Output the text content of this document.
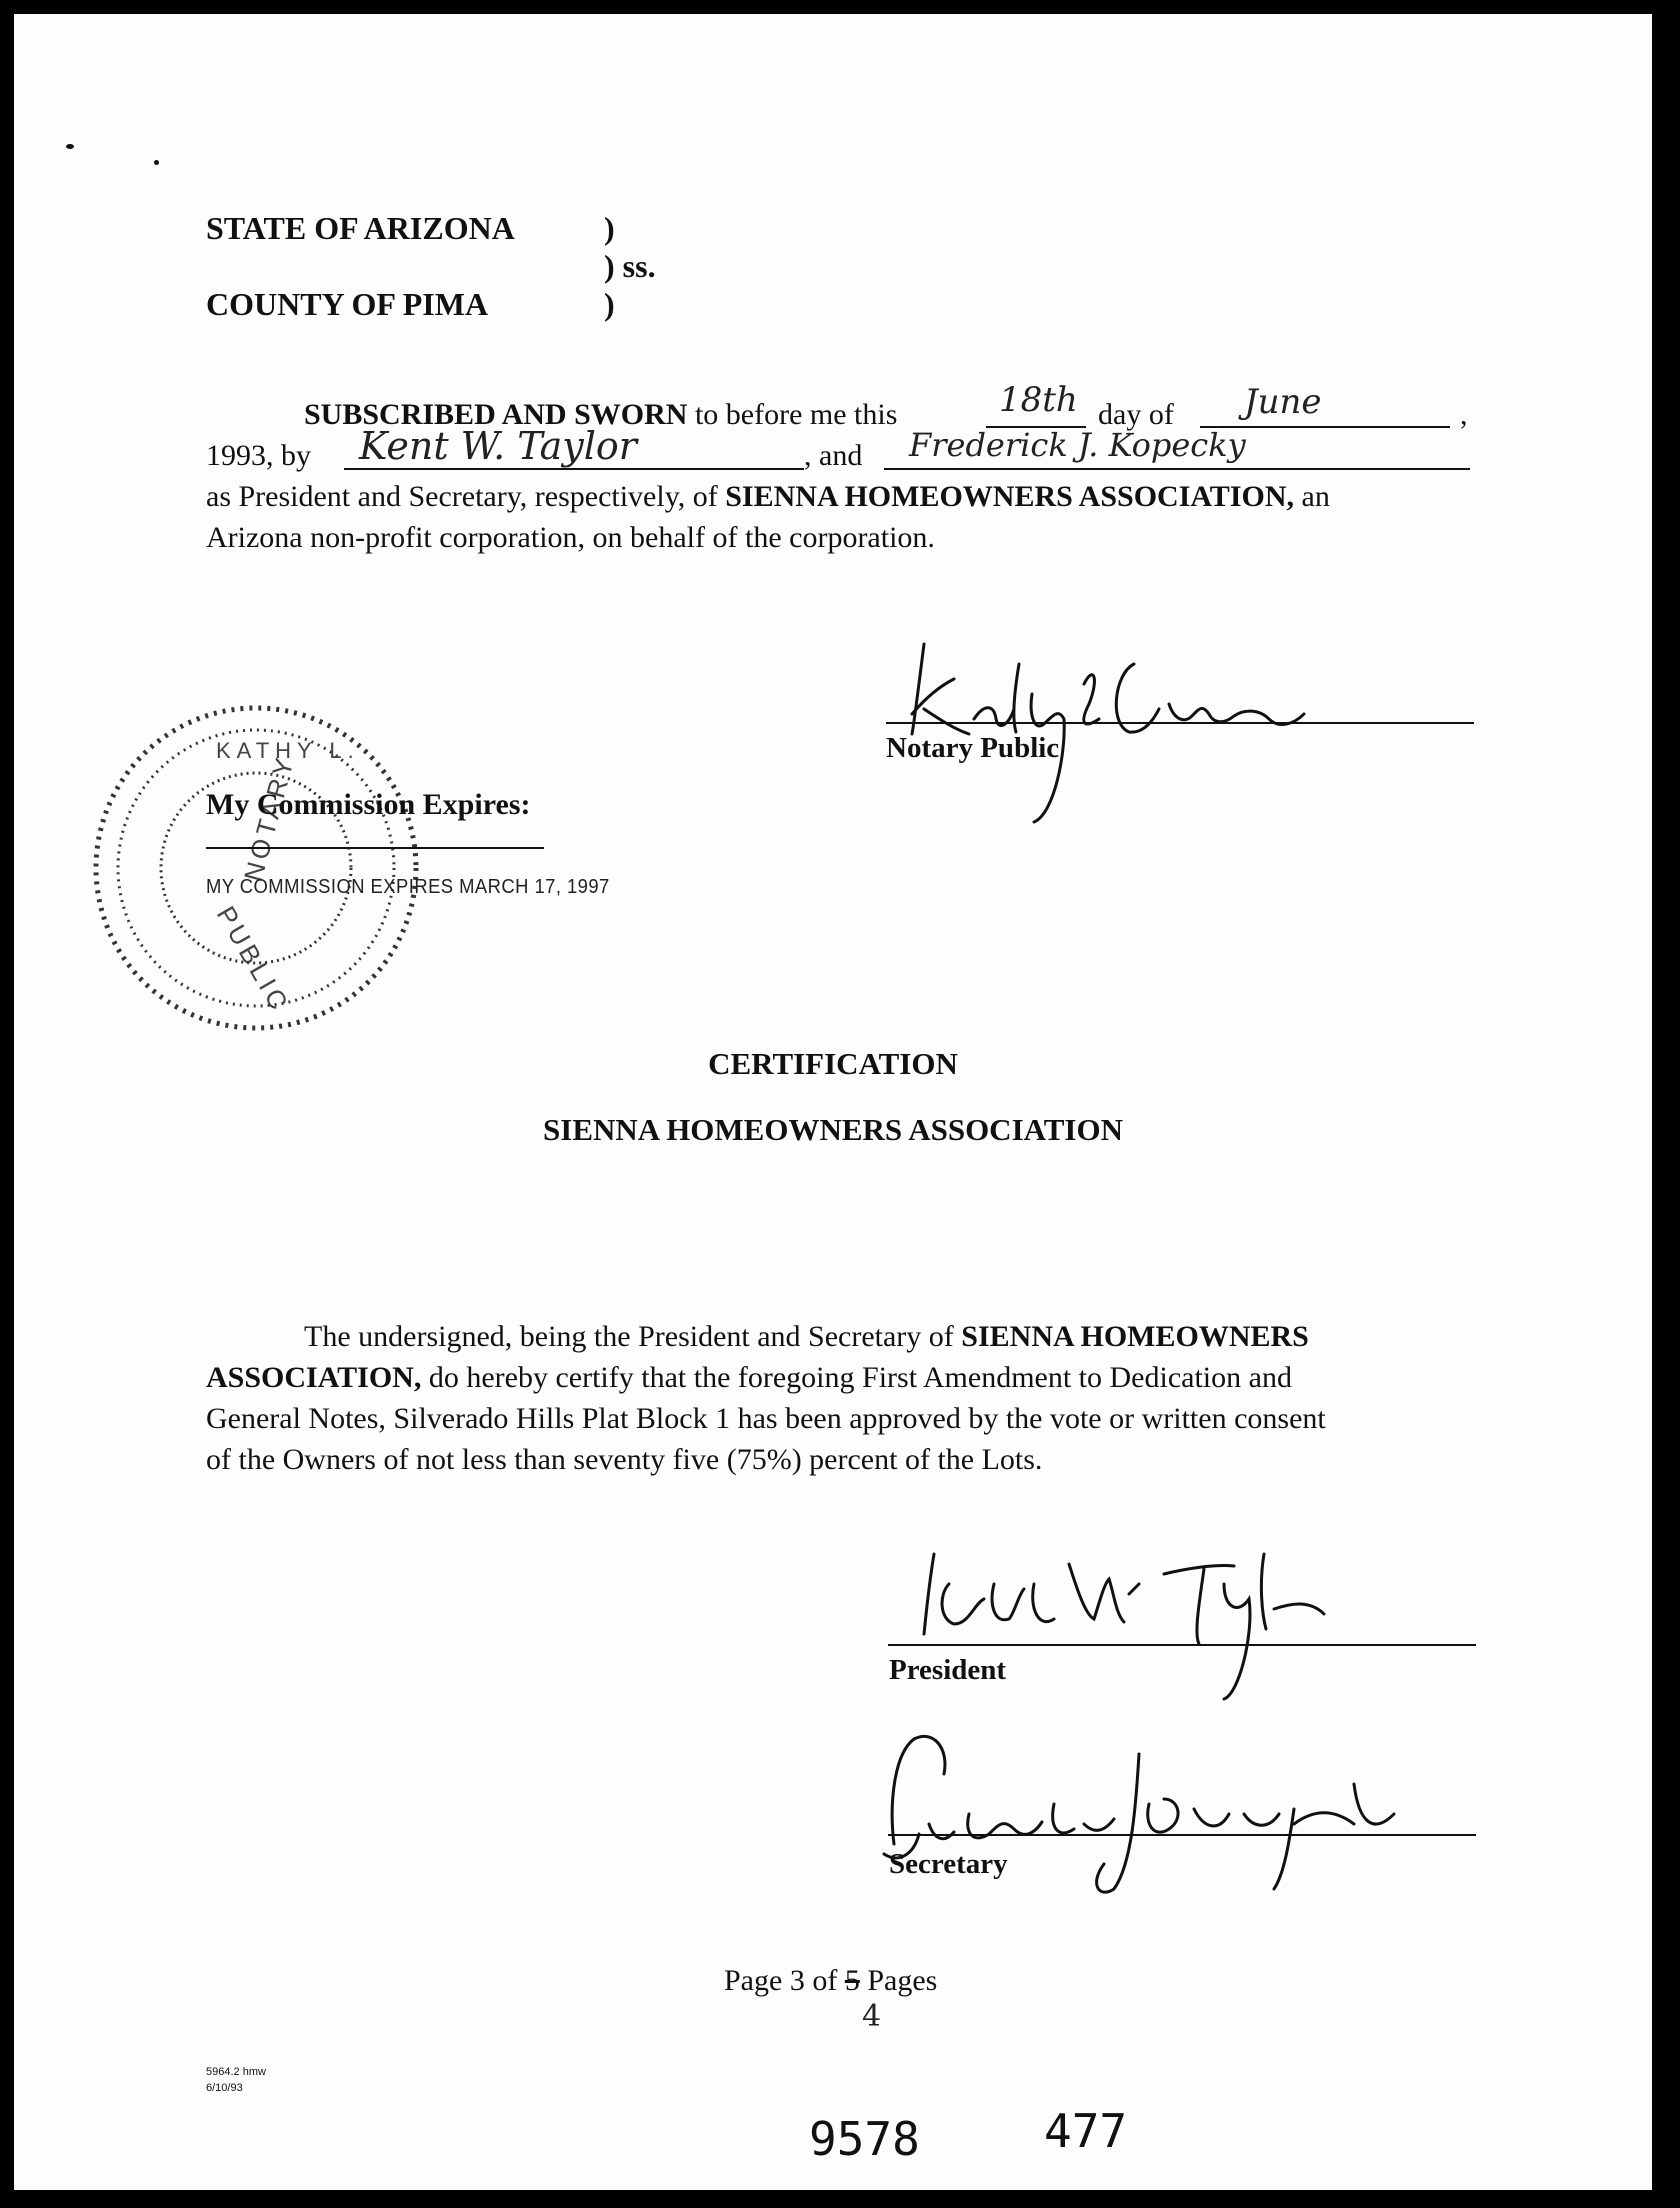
STATE OF ARIZONA	)
) ss.
COUNTY OF PIMA	)
SUBSCRIBED AND SWORN to before me this	18th day of June	,
1993, by Kent W. Taylor	, and Frederick J. Kopecky
as President and Secretary, respectively, of SIENNA HOMEOWNERS ASSOCIATION, an
Arizona non-profit corporation, on behalf of the corporation.
Notary Public
KATHY L.
NOTARY
PUBLIC
My Commission Expires:
MY COMMISSION EXPIRES MARCH 17, 1997
CERTIFICATION
SIENNA HOMEOWNERS ASSOCIATION
The undersigned, being the President and Secretary of SIENNA HOMEOWNERS
ASSOCIATION, do hereby certify that the foregoing First Amendment to Dedication and
General Notes, Silverado Hills Plat Block 1 has been approved by the vote or written consent
of the Owners of not less than seventy five (75%) percent of the Lots.
President
Secretary
Page 3 of 5 Pages
4
5964.2 hmw
6/10/93
9578	477
